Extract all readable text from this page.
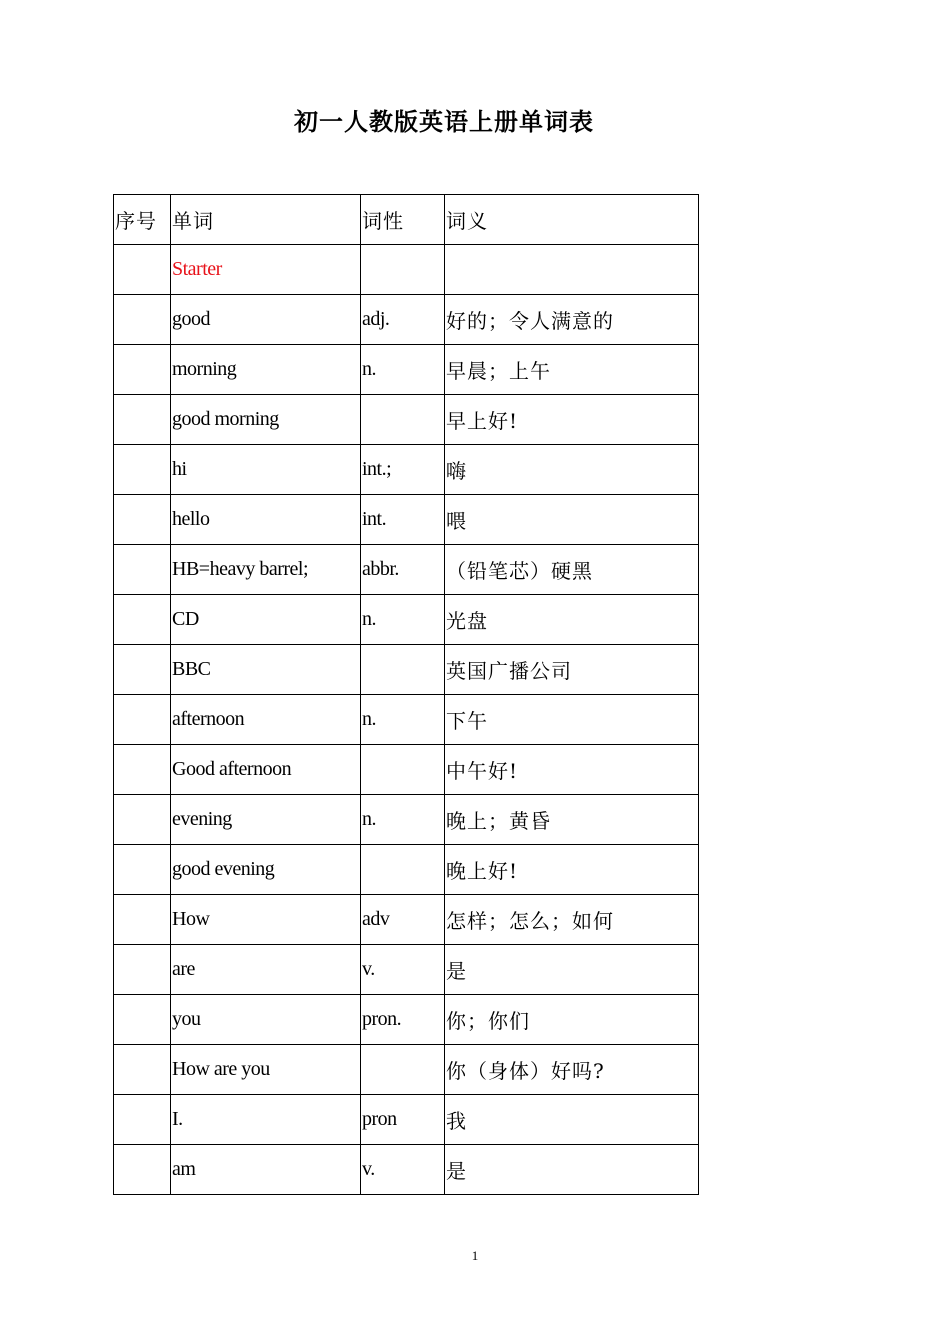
初一人教版英语上册单词表
序号	单词	词性	词义
	Starter		
	good	adj.	好的；令人满意的
	morning	n.	早晨；上午
	good morning		早上好!
	hi	int.;	嗨
	hello	int.	喂
	HB=heavy barrel;	abbr.	（铅笔芯）硬黑
	CD	n.	光盘
	BBC		英国广播公司
	afternoon	n.	下午
	Good afternoon		中午好!
	evening	n.	晚上；黄昏
	good evening		晚上好!
	How	adv	怎样；怎么；如何
	are	v.	是
	you	pron.	你；你们
	How are you		你（身体）好吗?
	I.	pron	我
	am	v.	是
1
